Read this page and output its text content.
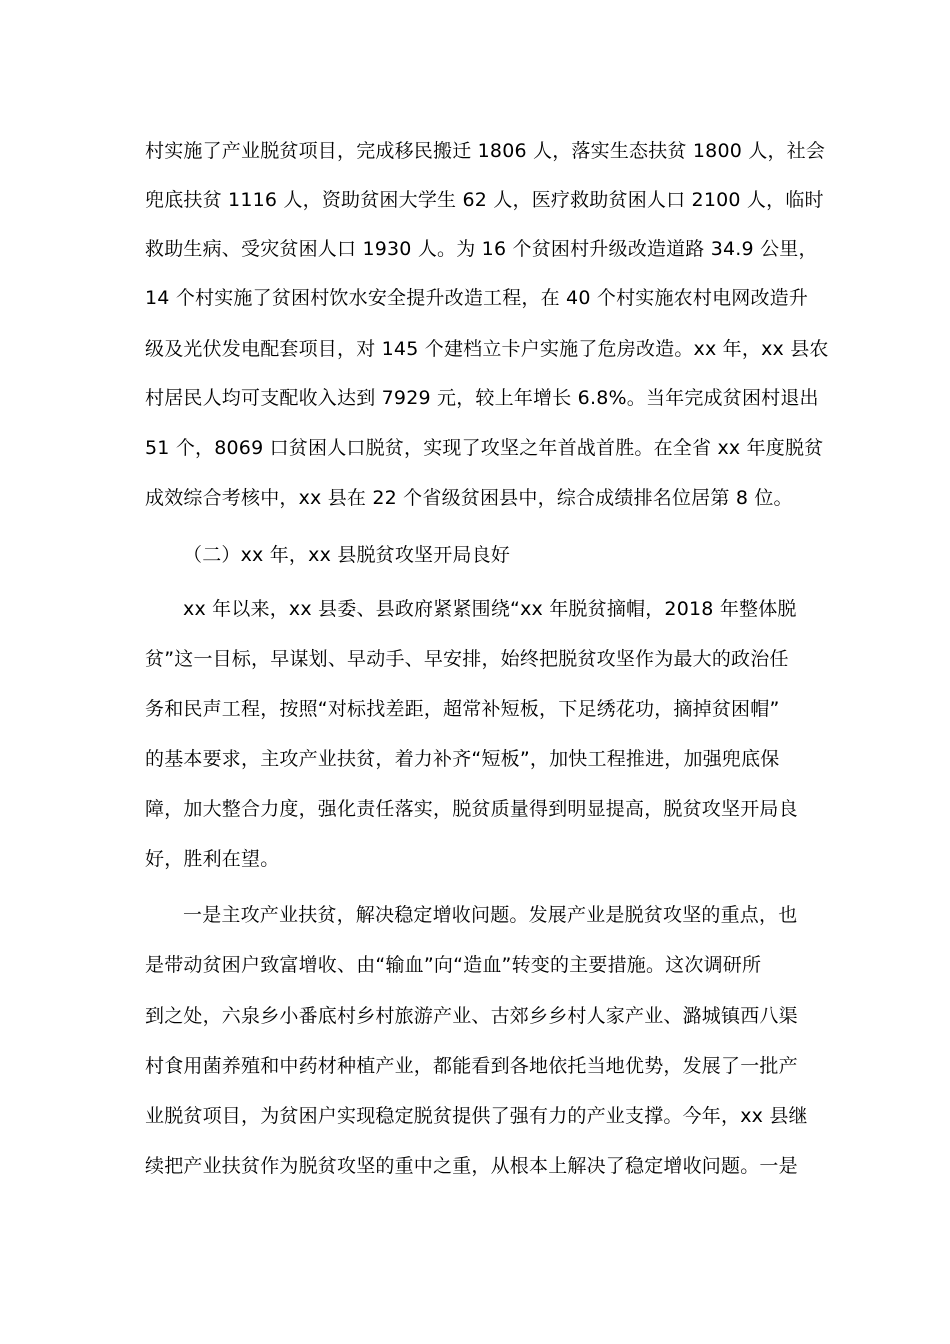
村实施了产业脱贫项目，完成移民搬迁 1806 人，落实生态扶贫 1800 人，社会
兜底扶贫 1116 人，资助贫困大学生 62 人，医疗救助贫困人口 2100 人，临时
救助生病、受灾贫困人口 1930 人。为 16 个贫困村升级改造道路 34.9 公里，
14 个村实施了贫困村饮水安全提升改造工程，在 40 个村实施农村电网改造升
级及光伏发电配套项目，对 145 个建档立卡户实施了危房改造。xx 年，xx 县农
村居民人均可支配收入达到 7929 元，较上年增长 6.8%。当年完成贫困村退出
51 个，8069 口贫困人口脱贫，实现了攻坚之年首战首胜。在全省 xx 年度脱贫
成效综合考核中，xx 县在 22 个省级贫困县中，综合成绩排名位居第 8 位。
（二）xx 年，xx 县脱贫攻坚开局良好
xx 年以来，xx 县委、县政府紧紧围绕“xx 年脱贫摘帽，2018 年整体脱
贫”这一目标，早谋划、早动手、早安排，始终把脱贫攻坚作为最大的政治任
务和民声工程，按照“对标找差距，超常补短板，下足绣花功，摘掉贫困帽”
的基本要求，主攻产业扶贫，着力补齐“短板”，加快工程推进，加强兜底保
障，加大整合力度，强化责任落实，脱贫质量得到明显提高，脱贫攻坚开局良
好，胜利在望。
一是主攻产业扶贫，解决稳定增收问题。发展产业是脱贫攻坚的重点，也
是带动贫困户致富增收、由“输血”向“造血”转变的主要措施。这次调研所
到之处，六泉乡小番底村乡村旅游产业、古郊乡乡村人家产业、潞城镇西八渠
村食用菌养殖和中药材种植产业，都能看到各地依托当地优势，发展了一批产
业脱贫项目，为贫困户实现稳定脱贫提供了强有力的产业支撑。今年，xx 县继
续把产业扶贫作为脱贫攻坚的重中之重，从根本上解决了稳定增收问题。一是
